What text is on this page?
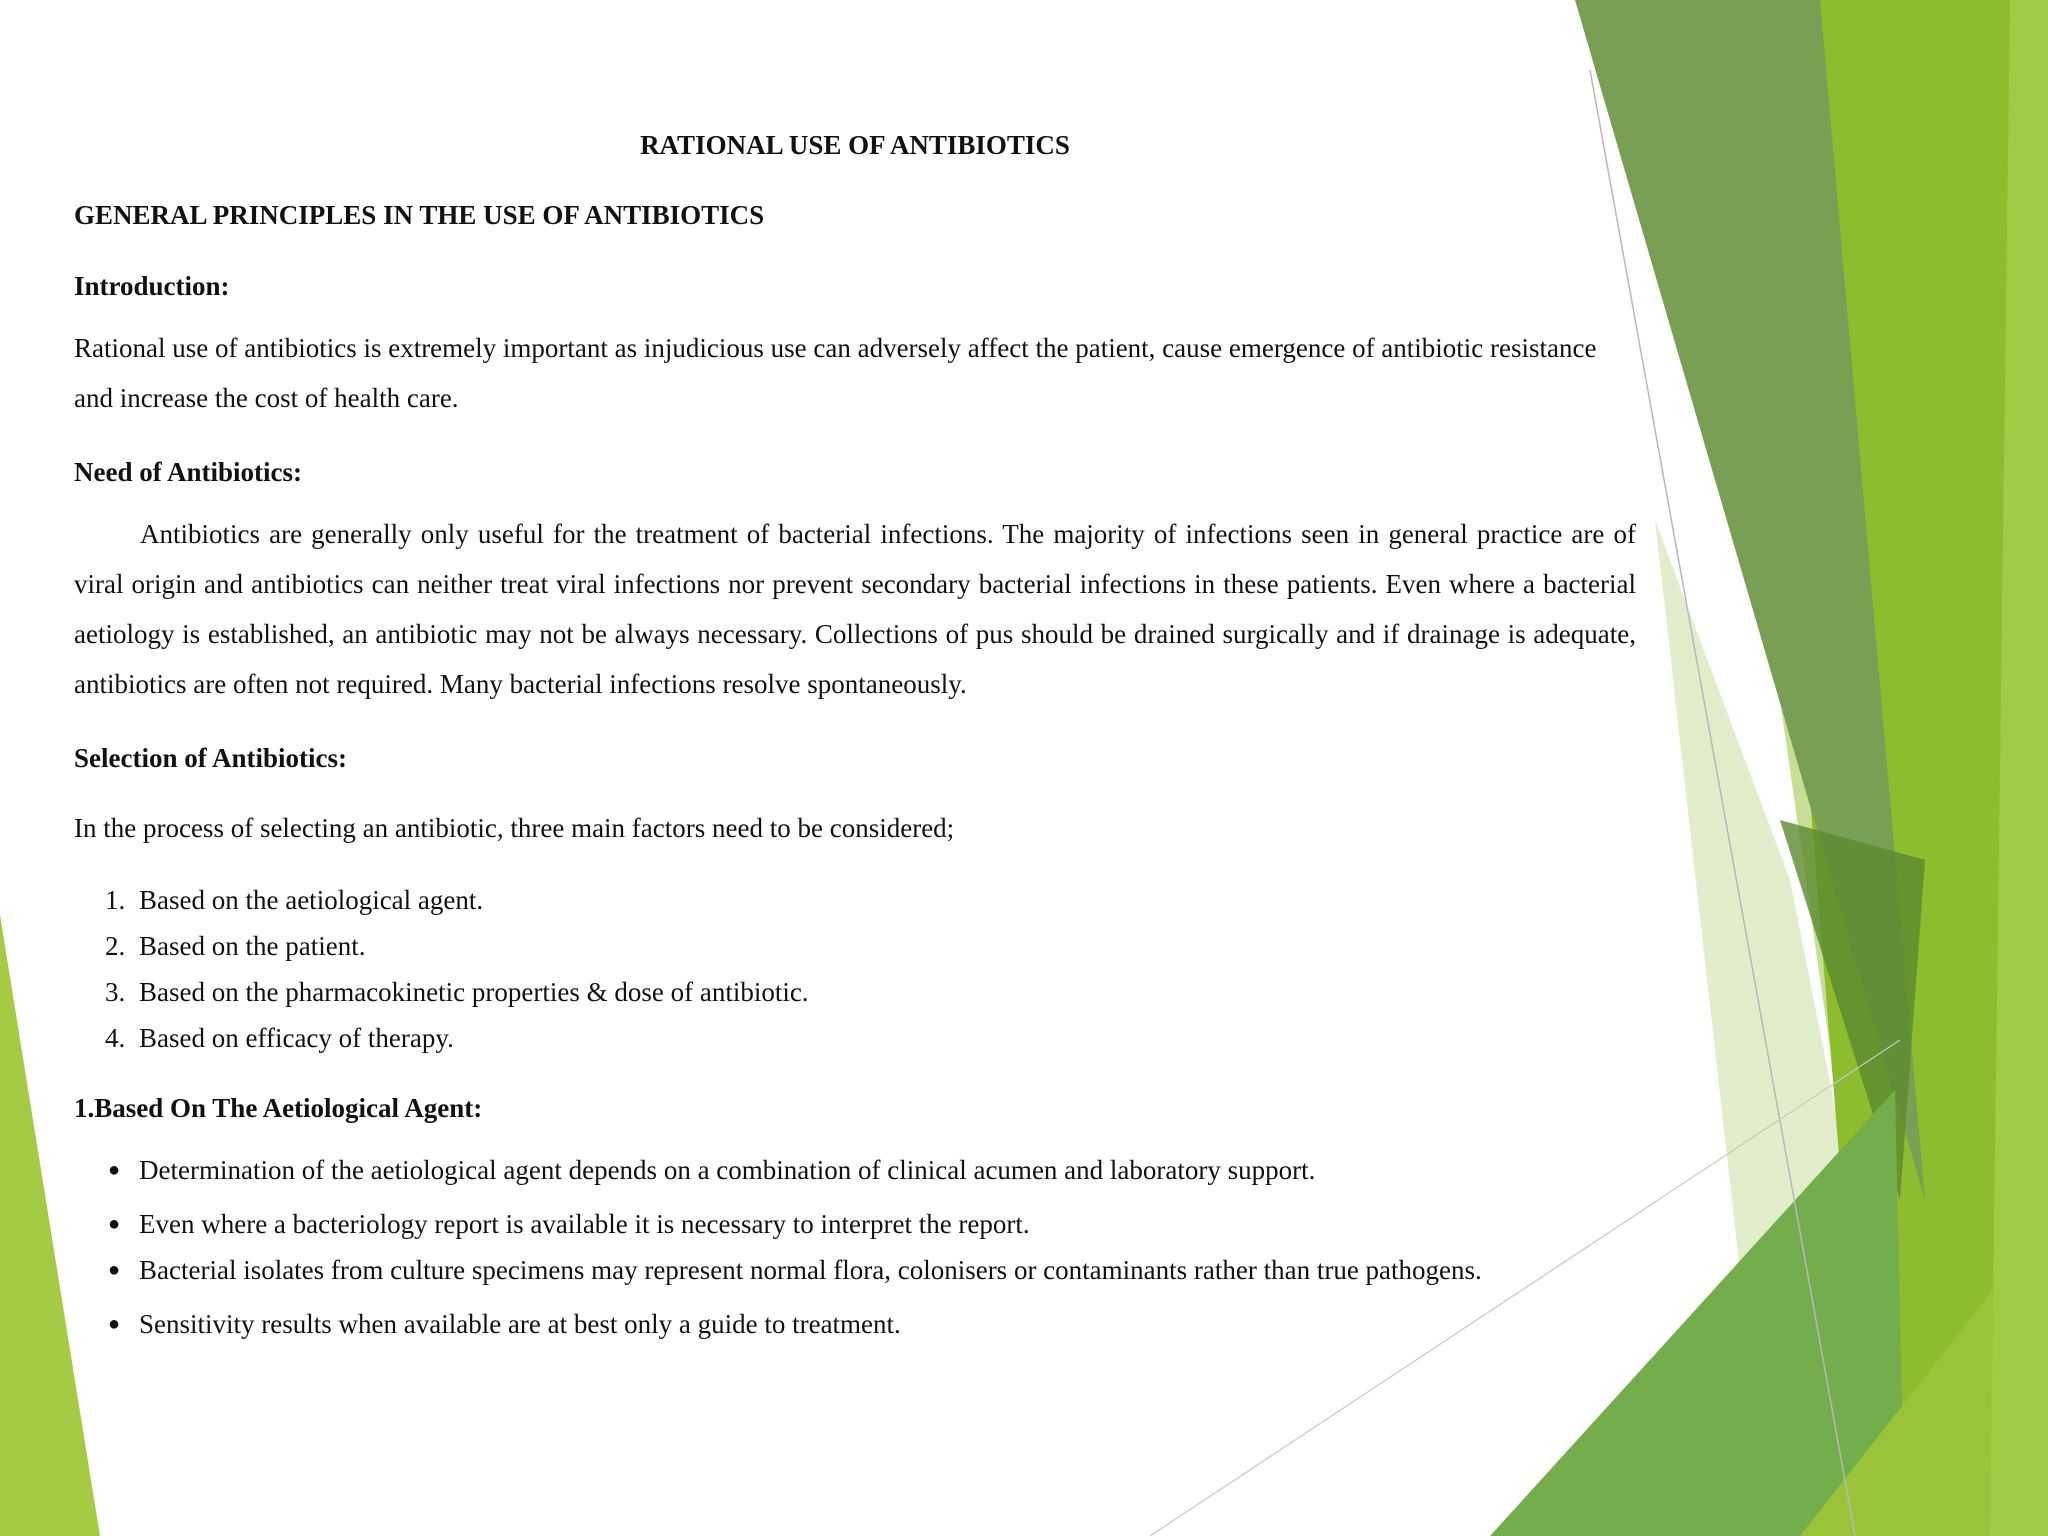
RATIONAL USE OF ANTIBIOTICS
GENERAL PRINCIPLES IN THE USE OF ANTIBIOTICS
Introduction:

Rational use of antibiotics is extremely important as injudicious use can adversely affect the patient, cause emergence of antibiotic resistance and increase the cost of health care.

Need of Antibiotics:

Antibiotics are generally only useful for the treatment of bacterial infections. The majority of infections seen in general practice are of viral origin and antibiotics can neither treat viral infections nor prevent secondary bacterial infections in these patients. Even where a bacterial aetiology is established, an antibiotic may not be always necessary. Collections of pus should be drained surgically and if drainage is adequate, antibiotics are often not required. Many bacterial infections resolve spontaneously.

Selection of Antibiotics:

In the process of selecting an antibiotic, three main factors need to be considered;

1. Based on the aetiological agent.
2. Based on the patient.
3. Based on the pharmacokinetic properties & dose of antibiotic.
4. Based on efficacy of therapy.
1.Based On The Aetiological Agent:
● Determination of the aetiological agent depends on a combination of clinical acumen and laboratory support.
● Even where a bacteriology report is available it is necessary to interpret the report.
● Bacterial isolates from culture specimens may represent normal flora, colonisers or contaminants rather than true pathogens.
● Sensitivity results when available are at best only a guide to treatment.
